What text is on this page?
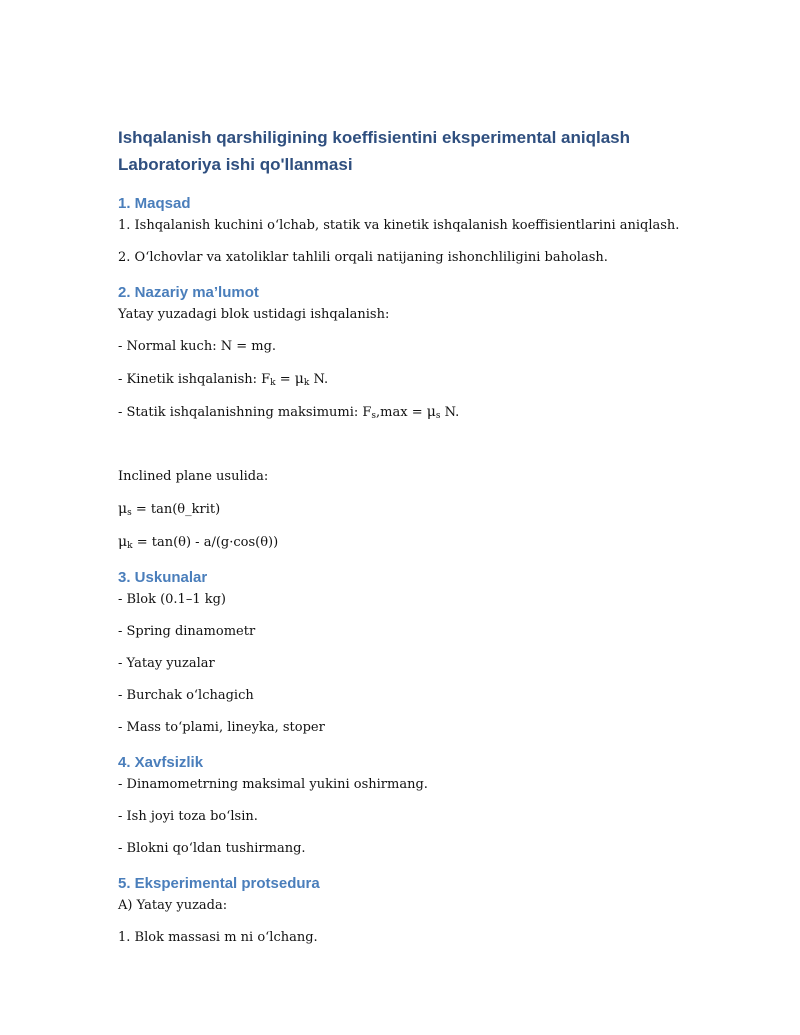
Ishqalanish qarshiligining koeffisientini eksperimental aniqlash
Laboratoriya ishi qo'llanmasi
1. Maqsad

1. Ishqalanish kuchini o‘lchab, statik va kinetik ishqalanish koeffisientlarini aniqlash.

2. O‘lchovlar va xatoliklar tahlili orqali natijaning ishonchliligini baholash.

2. Nazariy ma’lumot

Yatay yuzadagi blok ustidagi ishqalanish:

- Normal kuch: N = mg.

- Kinetik ishqalanish: $F_k = \mu_k$ N.

- Statik ishqalanishning maksimumi: $F_s,\max = \mu_s$ N.

Inclined plane usulida:

$\mu_s$ = tan(θ_krit)

$\mu_k = \tan(\theta) - a/(g\cdot\cos(\theta))$

3. Uskunalar

- Blok (0.1–1 kg)

- Spring dinamometr

- Yatay yuzalar

- Burchak o‘lchagich

- Mass to‘plami, lineyka, stoper

4. Xavfsizlik

- Dinamometrning maksimal yukini oshirmang.

- Ish joyi toza bo‘lsin.

- Blokni qo‘ldan tushirmang.

5. Eksperimental protsedura

A) Yatay yuzada:

1. Blok massasi m ni o‘lchang.
